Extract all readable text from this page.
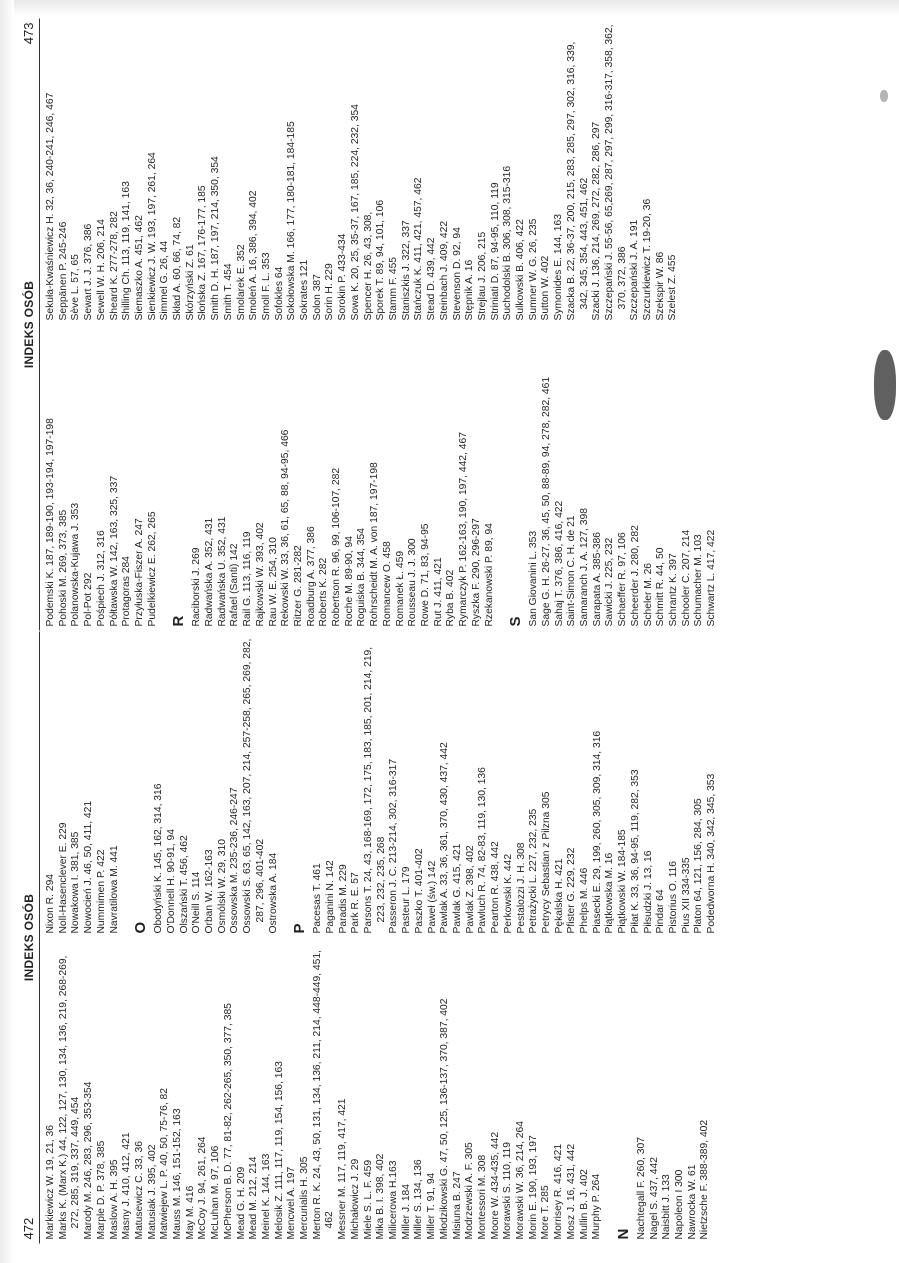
472
INDEKS OSÓB
Markiewicz W. 19, 21, 36 Marks K. (Marx K.) 44, 122, 127, 130, 134, 136, 219, 268-269, 272, 285, 319, 337, 449, 454 Marody M. 246, 283, 296, 353-354 Marple D. P. 378, 385 Maslow A. H. 395 Masny J. 410, 412, 421 Matusewicz C. 33, 36 Matusiak J. 395, 402 Matwiejew L. P. 40, 50, 75-76, 82 Mauss M. 146, 151-152, 163 May M. 416 McCoy J. 94, 261, 264 McLuhan M. 97, 106 McPherson B. D. 77, 81-82, 262-265, 350, 377, 385 Mead G. H. 209 Mead M. 212, 214 Meinel K. 144, 163 Melosik Z. 111, 117, 119, 154, 156, 163 Mencwel A. 197 Mercurialis H. 305 Merton R. K. 24, 43, 50, 131, 134, 136, 211, 214, 448-449, 451, 462 Messner M. 117, 119, 417, 421 Michałowicz J. 29 Miele S. L. F. 459 Mika B. I. 398, 402 Milicerowa H.163 Miller J. 184 Miller S. 134, 136 Miller T. 91, 94 Młodzikowski G. 47, 50, 125, 136-137, 370, 387, 402 Misiuna B. 247 Modrzewski A. F. 305 Montessori M. 308 Moore W. 434-435, 442 Morawski S. 110, 119 Morawski W. 36, 214, 264 Morin E. 190, 193, 197 More T. 285 Morrisey R. 416, 421 Mosz J. 16, 431, 442 Mullin B. J. 402 Murphy P. 264 N Nachtegall F. 260, 307 Nagel S. 437, 442 Naisbitt J. 133 Napoleon I 300 Nawrocka W. 61 Nietzsche F. 388-389, 402
Nixon R. 294 Noll-Hasenclever E. 229 Nowakowa I. 381, 385 Nowocień J. 46, 50, 411, 421 Nummimen P. 422 Navratilowa M. 441 O Obodyński K. 145, 162, 314, 316 O'Donnell H. 90-91, 94 Olszański T. 456, 462 O'Neill S. 114 Orban W. 162-163 Osmólski W. 29, 310 Ossowska M. 235-236, 246-247 Ossowski S. 63, 65, 142, 163, 207, 214, 257-258, 265, 269, 282, 287, 296, 401-402 Ostrowska A. 184 P Pacesas T. 461 Paganini N. 142 Paradis M. 229 Park R. E. 57 Parsons T. 24, 43, 168-169, 172, 175, 183, 185, 201, 214, 219, 223, 232, 235, 268 Passeron J. C. 213-214, 302, 316-317 Pasteur L. 179 Paszko T. 401-402 Paweł (św.) 142 Pawlak A. 33, 36, 361, 370, 430, 437, 442 Pawlak G. 415, 421 Pawlak Z. 398, 402 Pawluch R. 74, 82-83, 119, 130, 136 Pearton R. 438, 442 Perkowski K. 442 Pestalozzi J. H. 308 Petrażycki L. 227, 232, 235 Petrycy Sebastian z Pilzna 305 Pękalska H. 421 Pfister G. 229, 232 Phelps M. 446 Piasecki E. 29, 199, 260, 305, 309, 314, 316 Piątkowska M. 16 Piątkowski W. 184-185 Piłat K. 33, 36, 94-95, 119, 282, 353 Piłsudzki J. 13, 16 Pindar 64 Pistorius O. 116 Pius XII 334-335 Platon 64, 121, 156, 284, 305 Podedworna H. 340, 342, 345, 353
INDEKS OSÓB
473
Podemski K. 187, 189-190, 193-194, 197-198 Pohoski M. 269, 373, 385 Polanowska-Kujawa J. 353 Pol-Pot 292 Pośpiech J. 312, 316 Półtawska W. 142, 163, 325, 337 Protagoras 284 Przyłuska-Fiszer A. 247 Pudelkiewicz E. 262, 265 R Raciborski J. 269 Radwańska A. 352, 431 Radwańska U. 352, 431 Rafael (Santi) 142 Rail G. 113, 116, 119 Rajkowski W. 393, 402 Rau W. E. 254, 310 Rekowski W. 33, 36, 61, 65, 88, 94-95, 466 Ritzer G. 281-282 Roadburg A. 377, 386 Roberts K. 282 Robertson R. 96, 99, 106-107, 282 Roche M. 89-90, 94 Roguiska B. 344, 354 Rohrscheidt M. A. von 187, 197-198 Romancew O. 458 Romanek Ł. 459 Rousseau J. J. 300 Rowe D. 71, 83, 94-95 Rut J. 411, 421 Ryba B. 402 Rymarczyk P. 162-163, 190, 197, 442, 467 Ryszka F. 290, 296-297 Rzekanowski P. 89, 94 S San Giovanini L. 353 Sage G. H. 26-27, 36, 45, 50, 88-89, 94, 278, 282, 461 Sahaj T. 376, 386, 416, 422 Saint-Simon C. H. de 21 Samaranch J. A. 127, 398 Sarapata A. 385-386 Sawicki J. 225, 232 Schaeffer R. 97, 106 Scheerder J. 280, 282 Scheler M. 26 Schmitt R. 44, 50 Schrantz K. 397 Schooler C. 207, 214 Schumacher M. 103 Schwartz L. 417, 422
Sekuła-Kwaśniewicz H. 32, 36, 240-241, 246, 467 Seppänen P. 245-246 Sève L. 57, 65 Sewart J. J. 376, 386 Sewell W. H. 206, 214 Sheard K. 277-278, 282 Shilling Ch. 113, 119, 141, 163 Siemaszko A. 451, 462 Sienkiewicz J. W. 193, 197, 261, 264 Simmel G. 26, 44 Skład A. 60, 66, 74, 82 Skórzyński Z. 61 Słońska Z. 167, 176-177, 185 Smith D. H. 187, 197, 214, 350, 354 Smith T. 454 Smolarek E. 352 Smoleń A. 16, 386, 394, 402 Smoll F. L. 353 Sofokles 64 Sokołowska M. 166, 177, 180-181, 184-185 Sokrates 121 Solon 387 Sorin H. 229 Sorokin P. 433-434 Sowa K. 20, 25, 35-37, 167, 185, 224, 232, 354 Spencer H. 26, 43, 308, Sporek T. 89, 94, 101, 106 Stamm F. 455 Staniszkis J. 322, 337 Stańczuk K. 411, 421, 457, 462 Stead D. 439, 442 Steinbach J. 409, 422 Stevenson D. 92, 94 Stępnik A. 16 Strejlau J. 206, 215 Striniati D. 87, 94-95, 110, 119 Suchodolski B. 306, 308, 315-316 Sulkowski B. 406, 422 Sumner W. G. 26, 235 Sutton W. 402 Symonides E. 144, 163 Szacka B. 22, 36-37, 200, 215, 283, 285, 297, 302, 316, 339, 342, 345, 354, 443, 451, 462 Szacki J. 136, 214, 269, 272, 282, 286, 297 Szczepański J. 55-56, 65,269, 287, 297, 299, 316-317, 358, 362, 370, 372, 386 Szczepański J. A. 191 Szczurkiewicz T. 19-20, 36 Szekspir W. 86 Szelest Z. 455
